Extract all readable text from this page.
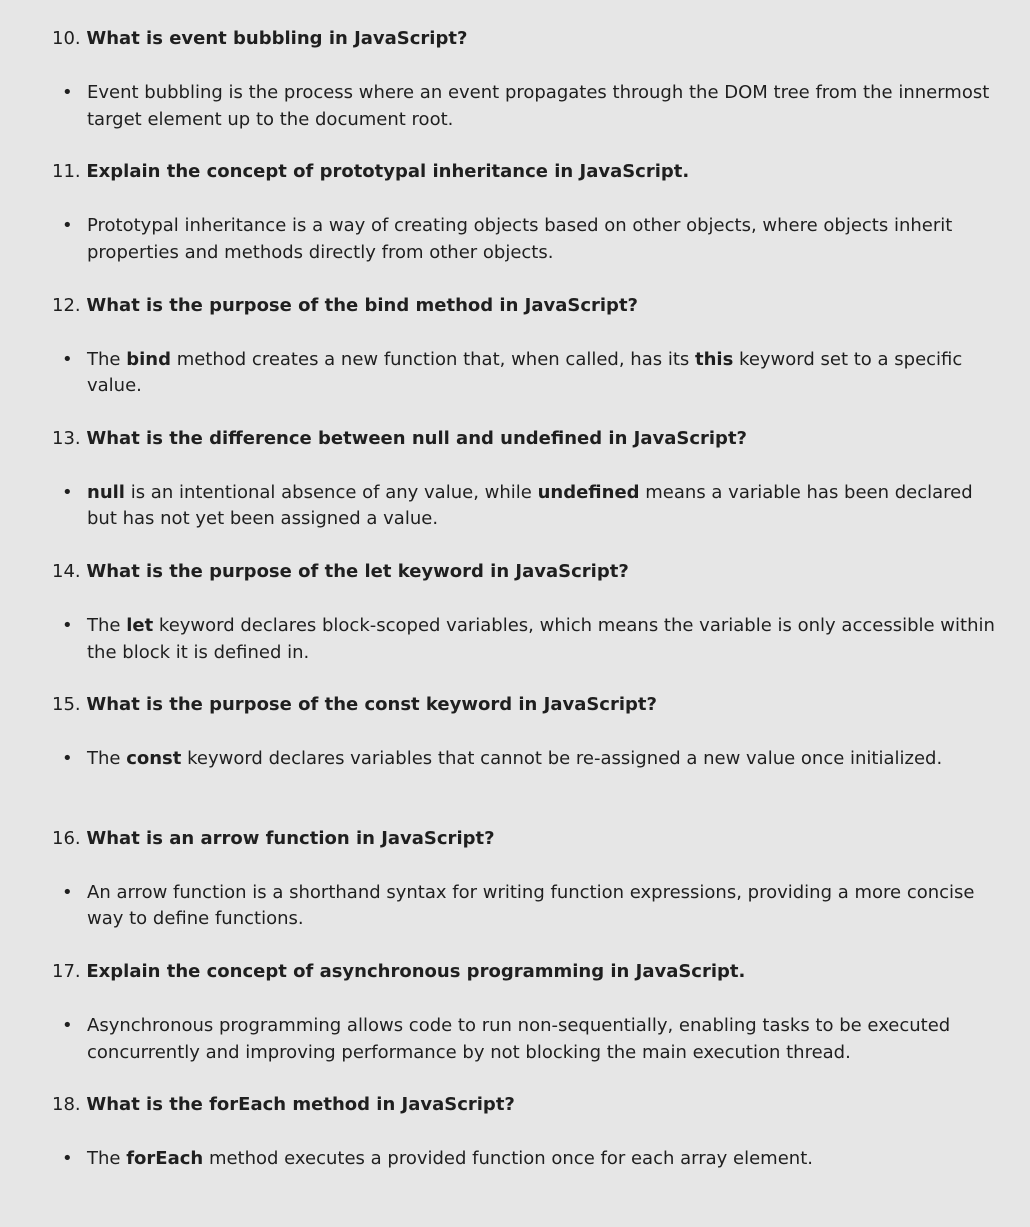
10. What is event bubbling in JavaScript?

• Event bubbling is the process where an event propagates through the DOM tree from the innermost target element up to the document root.

11. Explain the concept of prototypal inheritance in JavaScript.

• Prototypal inheritance is a way of creating objects based on other objects, where objects inherit properties and methods directly from other objects.

12. What is the purpose of the bind method in JavaScript?

• The bind method creates a new function that, when called, has its this keyword set to a specific value.

13. What is the difference between null and undefined in JavaScript?

• null is an intentional absence of any value, while undefined means a variable has been declared but has not yet been assigned a value.

14. What is the purpose of the let keyword in JavaScript?

• The let keyword declares block-scoped variables, which means the variable is only accessible within the block it is defined in.

15. What is the purpose of the const keyword in JavaScript?

• The const keyword declares variables that cannot be re-assigned a new value once initialized.

16. What is an arrow function in JavaScript?

• An arrow function is a shorthand syntax for writing function expressions, providing a more concise way to define functions.

17. Explain the concept of asynchronous programming in JavaScript.

• Asynchronous programming allows code to run non-sequentially, enabling tasks to be executed concurrently and improving performance by not blocking the main execution thread.

18. What is the forEach method in JavaScript?

• The forEach method executes a provided function once for each array element.
